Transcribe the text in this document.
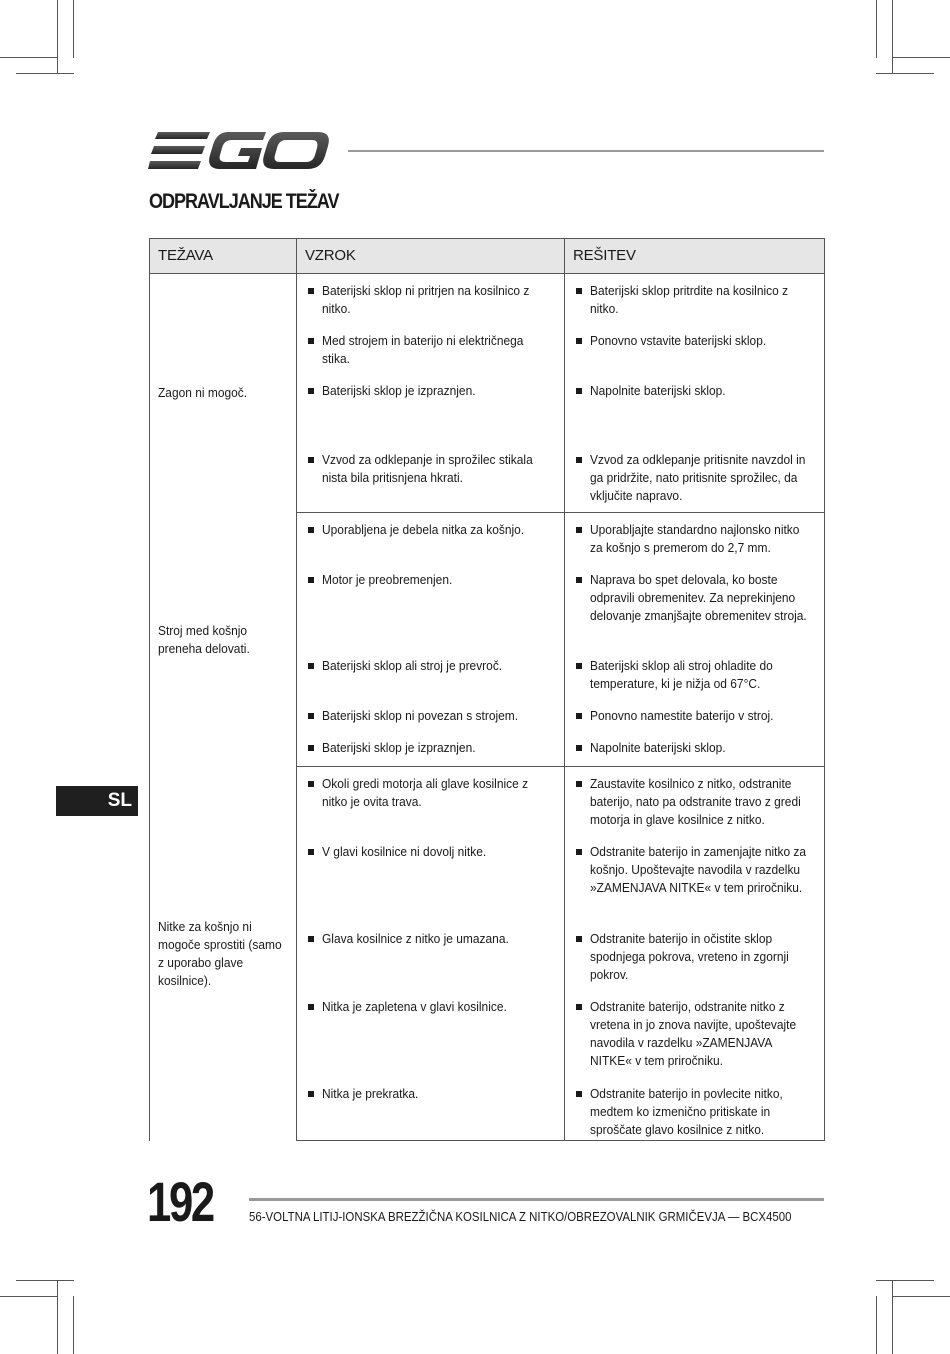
ODPRAVLJANJE TEŽAV
SL
TEŽAVA	VZROK	REŠITEV

Zagon ni mogoč.	Baterijski sklop ni pritrjen na kosilnico z nitko.	Baterijski sklop pritrdite na kosilnico z nitko.

	Med strojem in baterijo ni električnega stika.	Ponovno vstavite baterijski sklop.

	Baterijski sklop je izpraznjen.	Napolnite baterijski sklop.

	Vzvod za odklepanje in sprožilec stikala nista bila pritisnjena hkrati.	Vzvod za odklepanje pritisnite navzdol in ga pridržite, nato pritisnite sprožilec, da vključite napravo.

Stroj med košnjo preneha delovati.	Uporabljena je debela nitka za košnjo.	Uporabljajte standardno najlonsko nitko za košnjo s premerom do 2,7 mm.

	Motor je preobremenjen.	Naprava bo spet delovala, ko boste odpravili obremenitev. Za neprekinjeno delovanje zmanjšajte obremenitev stroja.

	Baterijski sklop ali stroj je prevroč.	Baterijski sklop ali stroj ohladite do temperature, ki je nižja od 67°C.

	Baterijski sklop ni povezan s strojem.	Ponovno namestite baterijo v stroj.

	Baterijski sklop je izpraznjen.	Napolnite baterijski sklop.

Nitke za košnjo ni mogoče sprostiti (samo z uporabo glave kosilnice).	Okoli gredi motorja ali glave kosilnice z nitko je ovita trava.	Zaustavite kosilnico z nitko, odstranite baterijo, nato pa odstranite travo z gredi motorja in glave kosilnice z nitko.

	V glavi kosilnice ni dovolj nitke.	Odstranite baterijo in zamenjajte nitko za košnjo. Upoštevajte navodila v razdelku »ZAMENJAVA NITKE« v tem priročniku.

	Glava kosilnice z nitko je umazana.	Odstranite baterijo in očistite sklop spodnjega pokrova, vreteno in zgornji pokrov.

	Nitka je zapletena v glavi kosilnice.	Odstranite baterijo, odstranite nitko z vretena in jo znova navijte, upoštevajte navodila v razdelku »ZAMENJAVA NITKE« v tem priročniku.

	Nitka je prekratka.	Odstranite baterijo in povlecite nitko, medtem ko izmenično pritiskate in sproščate glavo kosilnice z nitko.
192	56-VOLTNA LITIJ-IONSKA BREZŽIČNA KOSILNICA Z NITKO/OBREZOVALNIK GRMIČEVJA — BCX4500
